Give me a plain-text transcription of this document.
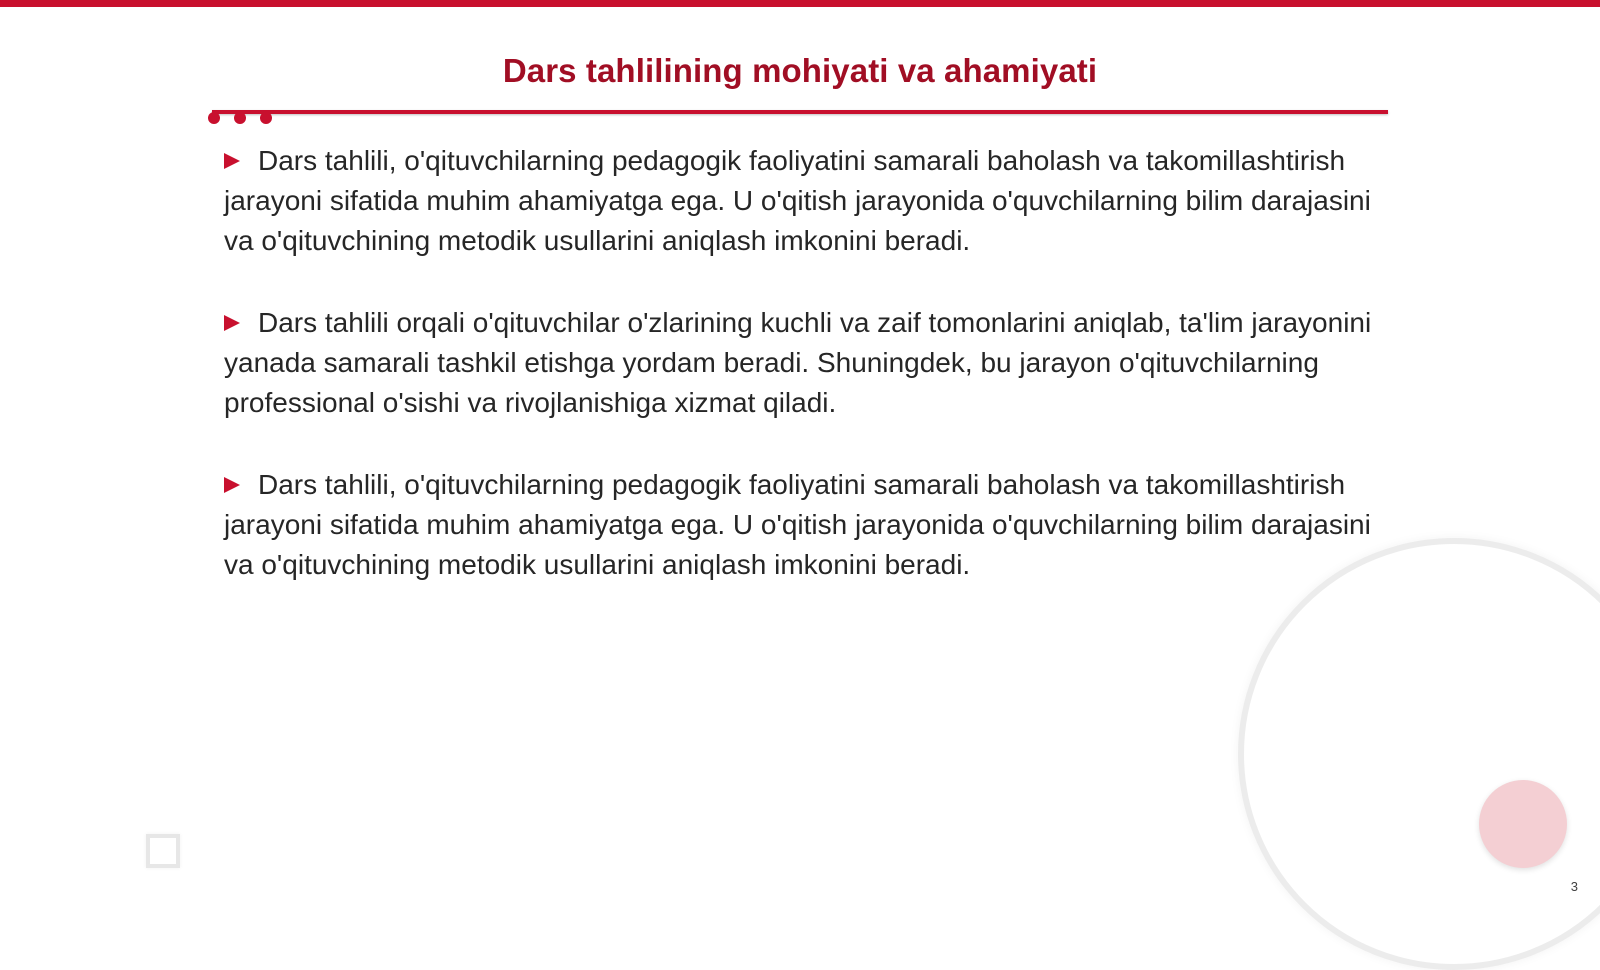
Dars tahlilining mohiyati va ahamiyati
Dars tahlili, o'qituvchilarning pedagogik faoliyatini samarali baholash va takomillashtirish jarayoni sifatida muhim ahamiyatga ega. U o'qitish jarayonida o'quvchilarning bilim darajasini va o'qituvchining metodik usullarini aniqlash imkonini beradi.
Dars tahlili orqali o'qituvchilar o'zlarining kuchli va zaif tomonlarini aniqlab, ta'lim jarayonini yanada samarali tashkil etishga yordam beradi. Shuningdek, bu jarayon o'qituvchilarning professional o'sishi va rivojlanishiga xizmat qiladi.
Dars tahlili, o'qituvchilarning pedagogik faoliyatini samarali baholash va takomillashtirish jarayoni sifatida muhim ahamiyatga ega. U o'qitish jarayonida o'quvchilarning bilim darajasini va o'qituvchining metodik usullarini aniqlash imkonini beradi.
3
